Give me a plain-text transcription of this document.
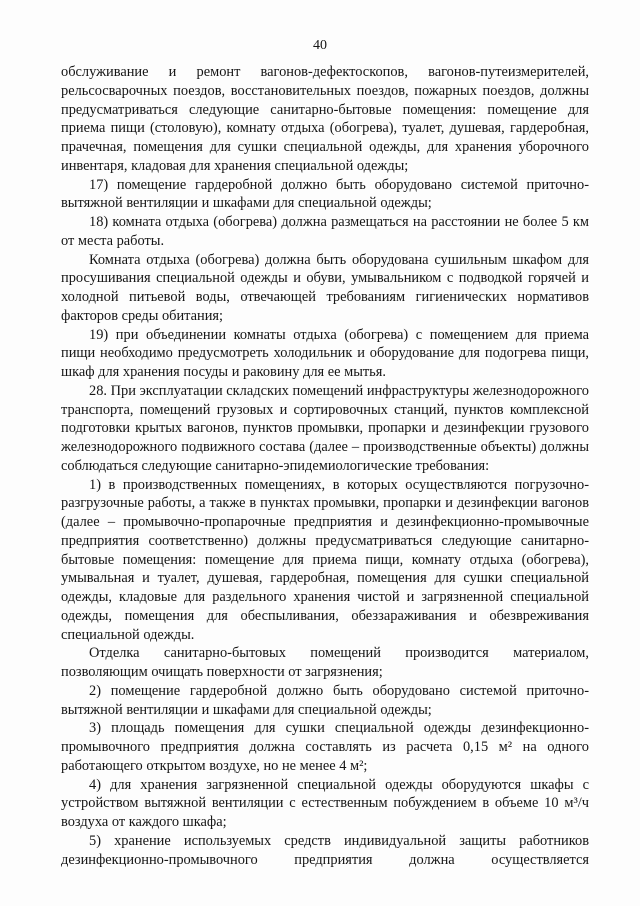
40

обслуживание и ремонт вагонов-дефектоскопов, вагонов-путеизмерителей, рельсосварочных поездов, восстановительных поездов, пожарных поездов, должны предусматриваться следующие санитарно-бытовые помещения: помещение для приема пищи (столовую), комнату отдыха (обогрева), туалет, душевая, гардеробная, прачечная, помещения для сушки специальной одежды, для хранения уборочного инвентаря, кладовая для хранения специальной одежды;

17) помещение гардеробной должно быть оборудовано системой приточно-вытяжной вентиляции и шкафами для специальной одежды;

18) комната отдыха (обогрева) должна размещаться на расстоянии не более 5 км от места работы.

Комната отдыха (обогрева) должна быть оборудована сушильным шкафом для просушивания специальной одежды и обуви, умывальником с подводкой горячей и холодной питьевой воды, отвечающей требованиям гигиенических нормативов факторов среды обитания;

19) при объединении комнаты отдыха (обогрева) с помещением для приема пищи необходимо предусмотреть холодильник и оборудование для подогрева пищи, шкаф для хранения посуды и раковину для ее мытья.

28. При эксплуатации складских помещений инфраструктуры железнодорожного транспорта, помещений грузовых и сортировочных станций, пунктов комплексной подготовки крытых вагонов, пунктов промывки, пропарки и дезинфекции грузового железнодорожного подвижного состава (далее – производственные объекты) должны соблюдаться следующие санитарно-эпидемиологические требования:

1) в производственных помещениях, в которых осуществляются погрузочно-разгрузочные работы, а также в пунктах промывки, пропарки и дезинфекции вагонов (далее – промывочно-пропарочные предприятия и дезинфекционно-промывочные предприятия соответственно) должны предусматриваться следующие санитарно-бытовые помещения: помещение для приема пищи, комнату отдыха (обогрева), умывальная и туалет, душевая, гардеробная, помещения для сушки специальной одежды, кладовые для раздельного хранения чистой и загрязненной специальной одежды, помещения для обеспыливания, обеззараживания и обезвреживания специальной одежды.

Отделка санитарно-бытовых помещений производится материалом, позволяющим очищать поверхности от загрязнения;

2) помещение гардеробной должно быть оборудовано системой приточно-вытяжной вентиляции и шкафами для специальной одежды;

3) площадь помещения для сушки специальной одежды дезинфекционно-промывочного предприятия должна составлять из расчета 0,15 м² на одного работающего открытом воздухе, но не менее 4 м²;

4) для хранения загрязненной специальной одежды оборудуются шкафы с устройством вытяжной вентиляции с естественным побуждением в объеме 10 м³/ч воздуха от каждого шкафа;

5) хранение используемых средств индивидуальной защиты работников дезинфекционно-промывочного предприятия должна осуществляется
